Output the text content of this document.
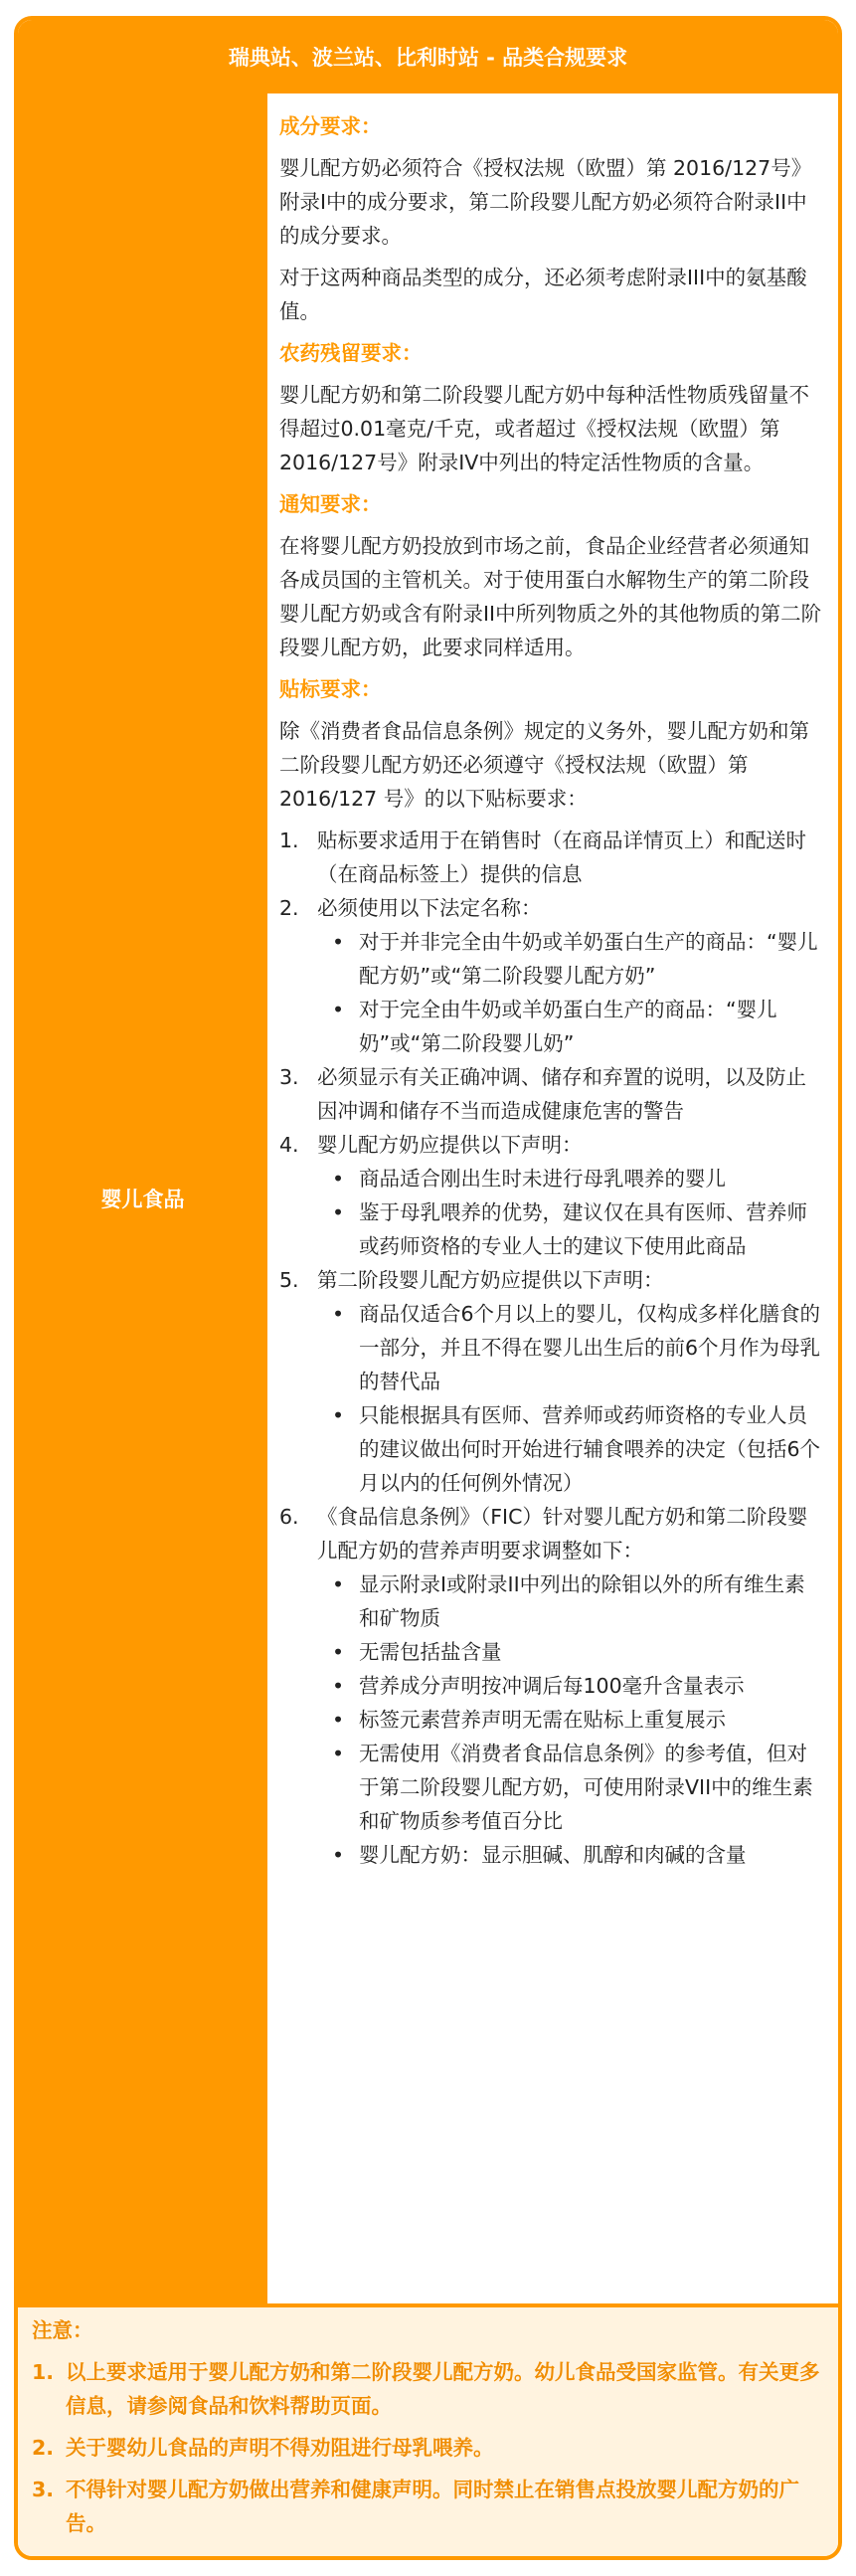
瑞典站、波兰站、比利时站 - 品类合规要求
婴儿食品
成分要求：

婴儿配方奶必须符合《授权法规（欧盟）第 2016/127号》附录I中的成分要求，第二阶段婴儿配方奶必须符合附录II中的成分要求。

对于这两种商品类型的成分，还必须考虑附录III中的氨基酸值。

农药残留要求：

婴儿配方奶和第二阶段婴儿配方奶中每种活性物质残留量不得超过0.01毫克/千克，或者超过《授权法规（欧盟）第2016/127号》附录IV中列出的特定活性物质的含量。

通知要求：

在将婴儿配方奶投放到市场之前，食品企业经营者必须通知各成员国的主管机关。对于使用蛋白水解物生产的第二阶段婴儿配方奶或含有附录II中所列物质之外的其他物质的第二阶段婴儿配方奶，此要求同样适用。

贴标要求：

除《消费者食品信息条例》规定的义务外，婴儿配方奶和第二阶段婴儿配方奶还必须遵守《授权法规（欧盟）第 2016/127 号》的以下贴标要求：

1. 贴标要求适用于在销售时（在商品详情页上）和配送时（在商品标签上）提供的信息
2. 必须使用以下法定名称：
• 对于并非完全由牛奶或羊奶蛋白生产的商品：“婴儿配方奶”或“第二阶段婴儿配方奶”
• 对于完全由牛奶或羊奶蛋白生产的商品：“婴儿奶”或“第二阶段婴儿奶”
3. 必须显示有关正确冲调、储存和弃置的说明，以及防止因冲调和储存不当而造成健康危害的警告
4. 婴儿配方奶应提供以下声明：
• 商品适合刚出生时未进行母乳喂养的婴儿
• 鉴于母乳喂养的优势，建议仅在具有医师、营养师或药师资格的专业人士的建议下使用此商品
5. 第二阶段婴儿配方奶应提供以下声明：
• 商品仅适合6个月以上的婴儿，仅构成多样化膳食的一部分，并且不得在婴儿出生后的前6个月作为母乳的替代品
• 只能根据具有医师、营养师或药师资格的专业人员的建议做出何时开始进行辅食喂养的决定（包括6个月以内的任何例外情况）
6. 《食品信息条例》（FIC）针对婴儿配方奶和第二阶段婴儿配方奶的营养声明要求调整如下：
• 显示附录I或附录II中列出的除钼以外的所有维生素和矿物质
• 无需包括盐含量
• 营养成分声明按冲调后每100毫升含量表示
• 标签元素营养声明无需在贴标上重复展示
• 无需使用《消费者食品信息条例》的参考值，但对于第二阶段婴儿配方奶，可使用附录VII中的维生素和矿物质参考值百分比
• 婴儿配方奶：显示胆碱、肌醇和肉碱的含量
注意：
1. 以上要求适用于婴儿配方奶和第二阶段婴儿配方奶。幼儿食品受国家监管。有关更多信息，请参阅食品和饮料帮助页面。
2. 关于婴幼儿食品的声明不得劝阻进行母乳喂养。
3. 不得针对婴儿配方奶做出营养和健康声明。同时禁止在销售点投放婴儿配方奶的广告。
